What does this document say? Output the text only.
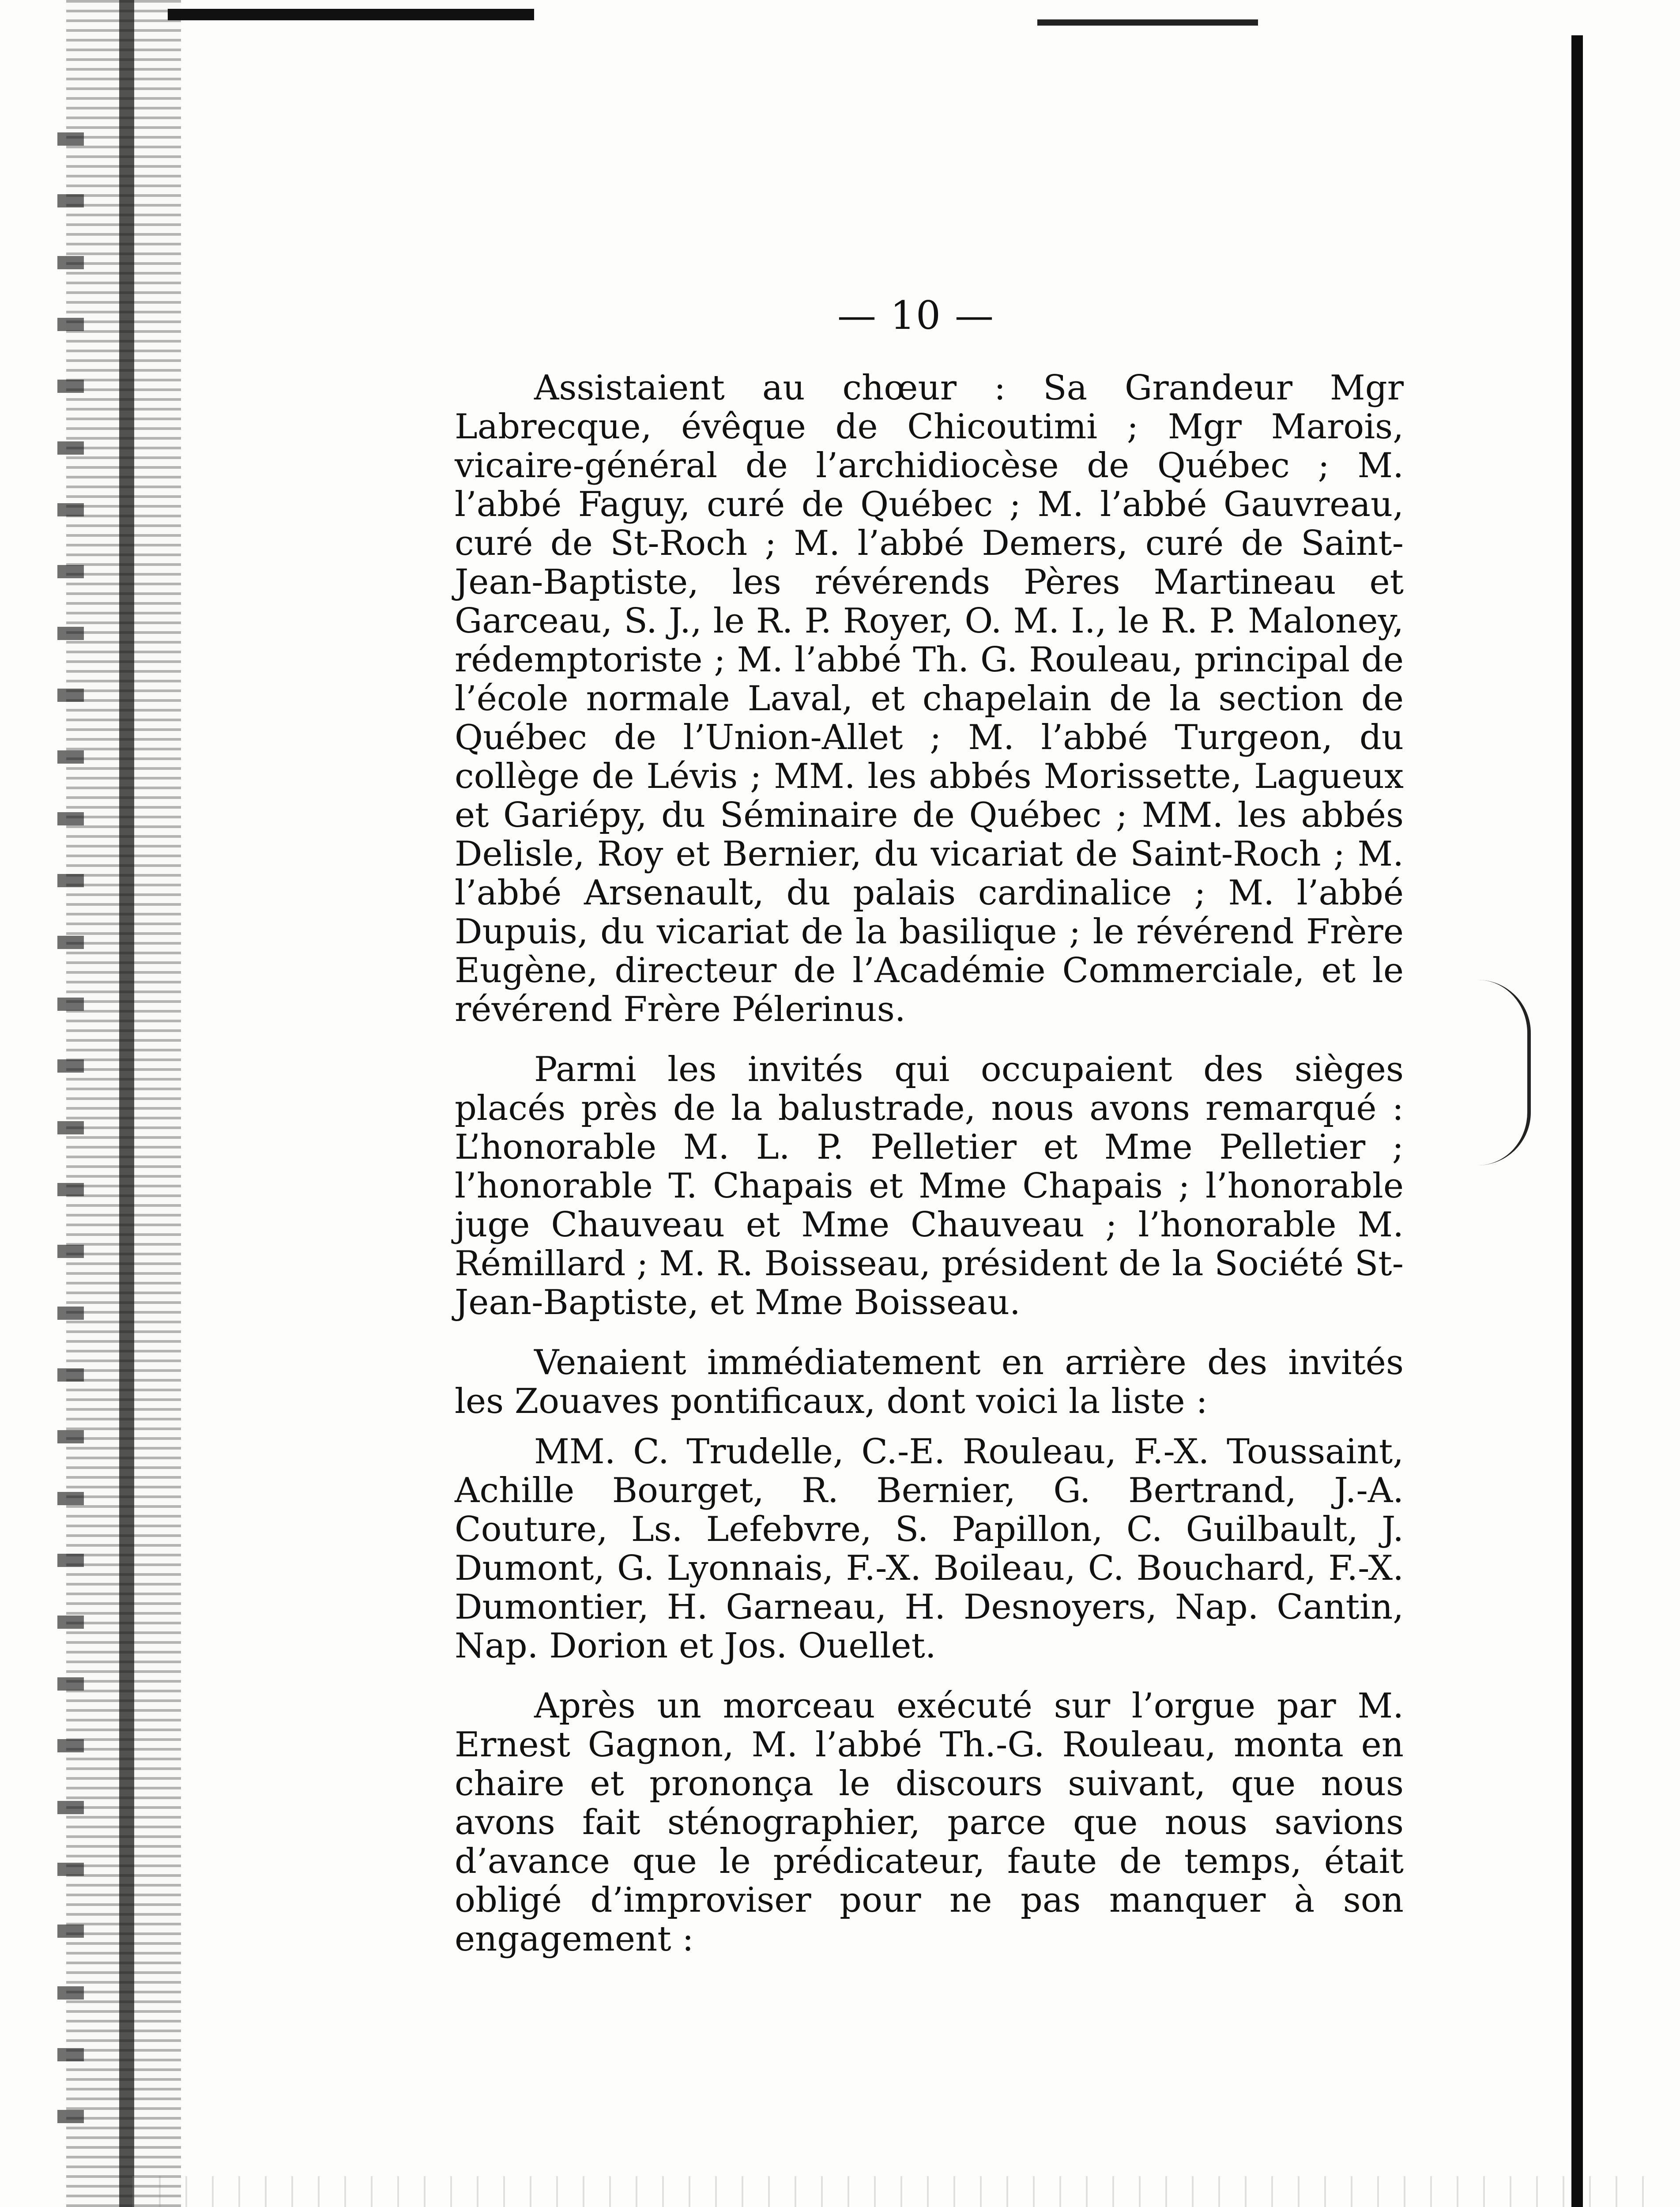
— 10 —

Assistaient au chœur : Sa Grandeur Mgr Labrecque, évêque de Chicoutimi ; Mgr Marois, vicaire-général de l’archidiocèse de Québec ; M. l’abbé Faguy, curé de Québec ; M. l’abbé Gauvreau, curé de St-Roch ; M. l’abbé Demers, curé de Saint-Jean-Baptiste, les révérends Pères Martineau et Garceau, S. J., le R. P. Royer, O. M. I., le R. P. Maloney, rédemptoriste ; M. l’abbé Th. G. Rouleau, principal de l’école normale Laval, et chapelain de la section de Québec de l’Union-Allet ; M. l’abbé Turgeon, du collège de Lévis ; MM. les abbés Morissette, Lagueux et Gariépy, du Séminaire de Québec ; MM. les abbés Delisle, Roy et Bernier, du vicariat de Saint-Roch ; M. l’abbé Arsenault, du palais cardinalice ; M. l’abbé Dupuis, du vicariat de la basilique ; le révérend Frère Eugène, directeur de l’Académie Commerciale, et le révérend Frère Pélerinus.

Parmi les invités qui occupaient des sièges placés près de la balustrade, nous avons remarqué : L’honorable M. L. P. Pelletier et Mme Pelletier ; l’honorable T. Chapais et Mme Chapais ; l’honorable juge Chauveau et Mme Chauveau ; l’honorable M. Rémillard ; M. R. Boisseau, président de la Société St-Jean-Baptiste, et Mme Boisseau.

Venaient immédiatement en arrière des invités les Zouaves pontificaux, dont voici la liste :

MM. C. Trudelle, C.-E. Rouleau, F.-X. Toussaint, Achille Bourget, R. Bernier, G. Bertrand, J.-A. Couture, Ls. Lefebvre, S. Papillon, C. Guilbault, J. Dumont, G. Lyonnais, F.-X. Boileau, C. Bouchard, F.-X. Dumontier, H. Garneau, H. Desnoyers, Nap. Cantin, Nap. Dorion et Jos. Ouellet.

Après un morceau exécuté sur l’orgue par M. Ernest Gagnon, M. l’abbé Th.-G. Rouleau, monta en chaire et prononça le discours suivant, que nous avons fait sténographier, parce que nous savions d’avance que le prédicateur, faute de temps, était obligé d’improviser pour ne pas manquer à son engagement :
